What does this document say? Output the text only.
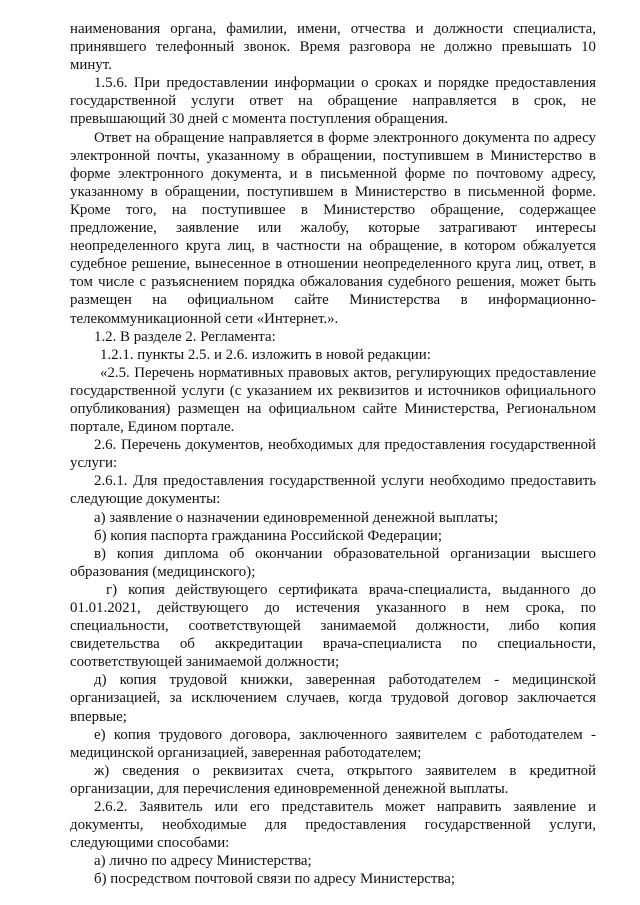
наименования органа, фамилии, имени, отчества и должности специалиста, принявшего телефонный звонок. Время разговора не должно превышать 10 минут.

1.5.6. При предоставлении информации о сроках и порядке предоставления государственной услуги ответ на обращение направляется в срок, не превышающий 30 дней с момента поступления обращения.

Ответ на обращение направляется в форме электронного документа по адресу электронной почты, указанному в обращении, поступившем в Министерство в форме электронного документа, и в письменной форме по почтовому адресу, указанному в обращении, поступившем в Министерство в письменной форме. Кроме того, на поступившее в Министерство обращение, содержащее предложение, заявление или жалобу, которые затрагивают интересы неопределенного круга лиц, в частности на обращение, в котором обжалуется судебное решение, вынесенное в отношении неопределенного круга лиц, ответ, в том числе с разъяснением порядка обжалования судебного решения, может быть размещен на официальном сайте Министерства в информационно-телекоммуникационной сети «Интернет.».

1.2. В разделе 2. Регламента:

1.2.1. пункты 2.5. и 2.6. изложить в новой редакции:

«2.5. Перечень нормативных правовых актов, регулирующих предоставление государственной услуги (с указанием их реквизитов и источников официального опубликования) размещен на официальном сайте Министерства, Региональном портале, Едином портале.

2.6. Перечень документов, необходимых для предоставления государственной услуги:

2.6.1. Для предоставления государственной услуги необходимо предоставить следующие документы:

а) заявление о назначении единовременной денежной выплаты;

б) копия паспорта гражданина Российской Федерации;

в) копия диплома об окончании образовательной организации высшего образования (медицинского);

г) копия действующего сертификата врача-специалиста, выданного до 01.01.2021, действующего до истечения указанного в нем срока, по специальности, соответствующей занимаемой должности, либо копия свидетельства об аккредитации врача-специалиста по специальности, соответствующей занимаемой должности;

д) копия трудовой книжки, заверенная работодателем - медицинской организацией, за исключением случаев, когда трудовой договор заключается впервые;

е) копия трудового договора, заключенного заявителем с работодателем - медицинской организацией, заверенная работодателем;

ж) сведения о реквизитах счета, открытого заявителем в кредитной организации, для перечисления единовременной денежной выплаты.

2.6.2. Заявитель или его представитель может направить заявление и документы, необходимые для предоставления государственной услуги, следующими способами:

а) лично по адресу Министерства;

б) посредством почтовой связи по адресу Министерства;
